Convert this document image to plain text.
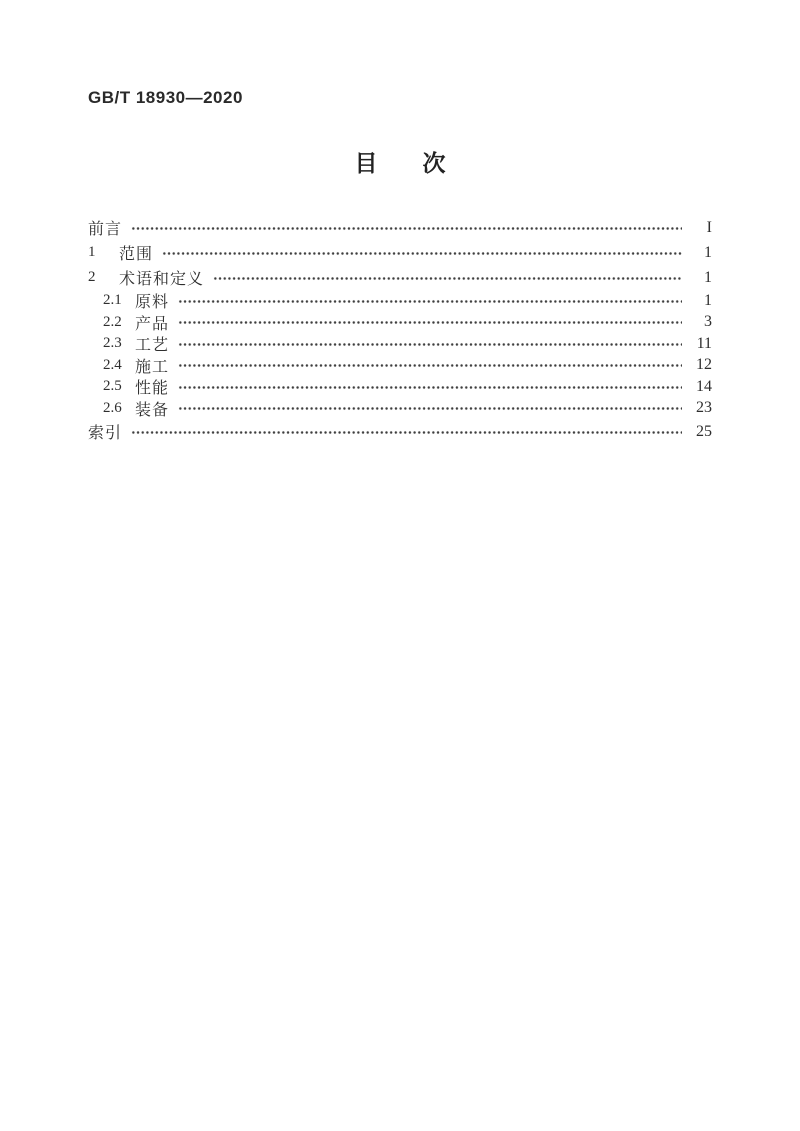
GB/T 18930—2020
目 次
前言	I
1	范围	1
2	术语和定义	1
2.1 原料	1
2.2 产品	3
2.3 工艺	11
2.4 施工	12
2.5 性能	14
2.6 装备	23
索引	25
